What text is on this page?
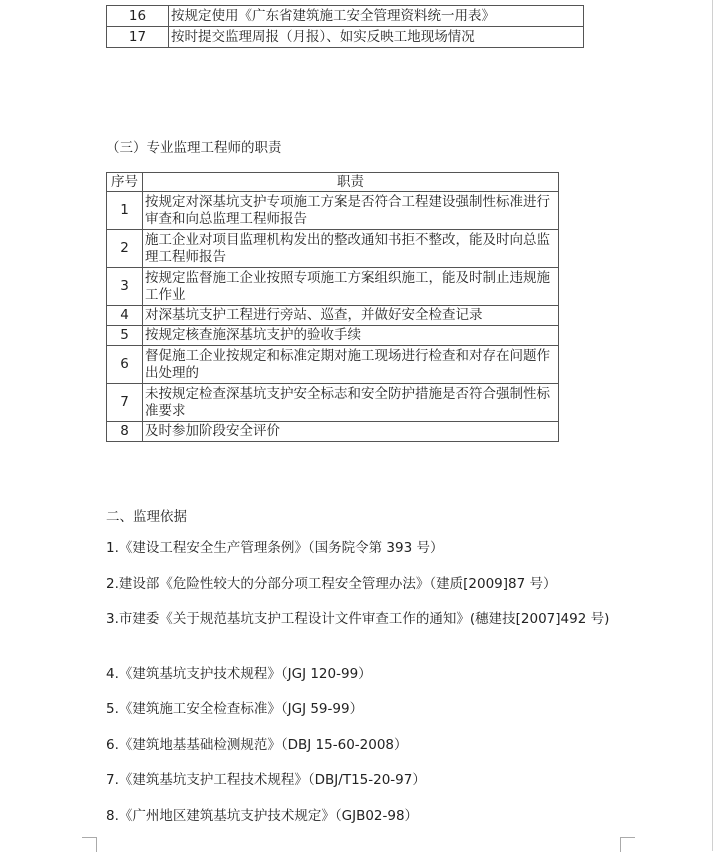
16	按规定使用《广东省建筑施工安全管理资料统一用表》
17	按时提交监理周报（月报）、如实反映工地现场情况
（三）专业监理工程师的职责
序号	职责
1	按规定对深基坑支护专项施工方案是否符合工程建设强制性标准进行审查和向总监理工程师报告
2	施工企业对项目监理机构发出的整改通知书拒不整改，能及时向总监理工程师报告
3	按规定监督施工企业按照专项施工方案组织施工，能及时制止违规施工作业
4	对深基坑支护工程进行旁站、巡查，并做好安全检查记录
5	按规定核查施深基坑支护的验收手续
6	督促施工企业按规定和标准定期对施工现场进行检查和对存在问题作出处理的
7	未按规定检查深基坑支护安全标志和安全防护措施是否符合强制性标准要求
8	及时参加阶段安全评价
二、监理依据
1.《建设工程安全生产管理条例》（国务院令第 393 号）
2.建设部《危险性较大的分部分项工程安全管理办法》（建质[2009]87 号）
3.市建委《关于规范基坑支护工程设计文件审查工作的通知》(穗建技[2007]492 号)
4.《建筑基坑支护技术规程》（JGJ 120-99）
5.《建筑施工安全检查标准》（JGJ 59-99）
6.《建筑地基基础检测规范》（DBJ 15-60-2008）
7.《建筑基坑支护工程技术规程》（DBJ/T15-20-97）
8.《广州地区建筑基坑支护技术规定》（GJB02-98）
